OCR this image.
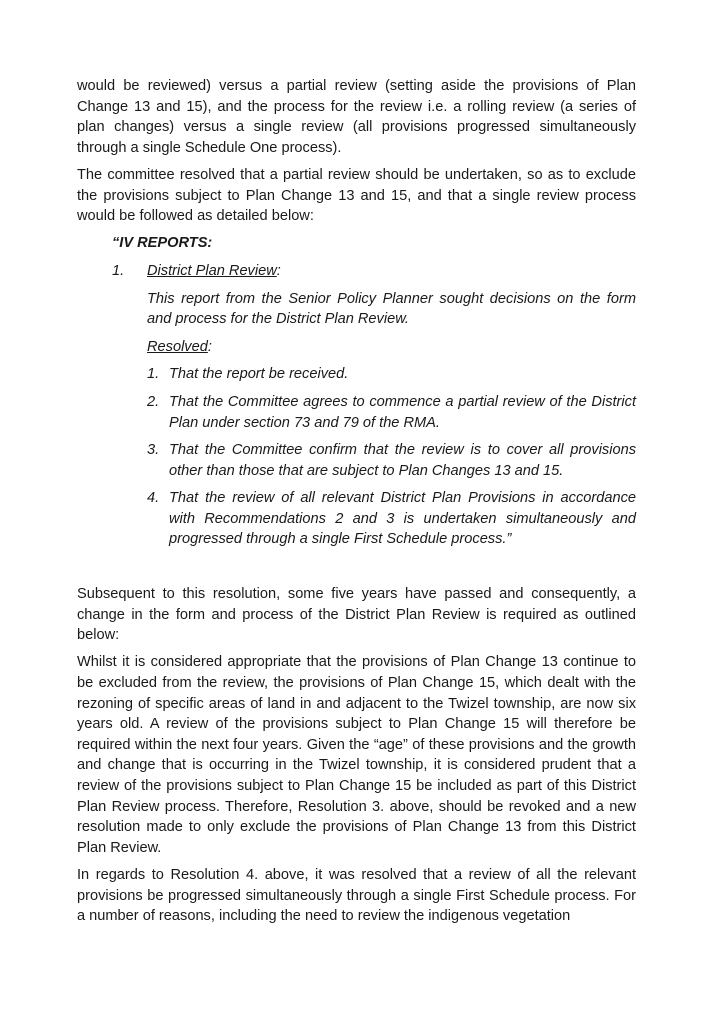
would be reviewed) versus a partial review (setting aside the provisions of Plan Change 13 and 15), and the process for the review i.e. a rolling review (a series of plan changes) versus a single review (all provisions progressed simultaneously through a single Schedule One process).

The committee resolved that a partial review should be undertaken, so as to exclude the provisions subject to Plan Change 13 and 15, and that a single review process would be followed as detailed below:

“IV REPORTS:

1.	District Plan Review:

This report from the Senior Policy Planner sought decisions on the form and process for the District Plan Review.

Resolved:

1. That the report be received.
2. That the Committee agrees to commence a partial review of the District Plan under section 73 and 79 of the RMA.
3. That the Committee confirm that the review is to cover all provisions other than those that are subject to Plan Changes 13 and 15.
4. That the review of all relevant District Plan Provisions in accordance with Recommendations 2 and 3 is undertaken simultaneously and progressed through a single First Schedule process.”

Subsequent to this resolution, some five years have passed and consequently, a change in the form and process of the District Plan Review is required as outlined below:

Whilst it is considered appropriate that the provisions of Plan Change 13 continue to be excluded from the review, the provisions of Plan Change 15, which dealt with the rezoning of specific areas of land in and adjacent to the Twizel township, are now six years old. A review of the provisions subject to Plan Change 15 will therefore be required within the next four years. Given the “age” of these provisions and the growth and change that is occurring in the Twizel township, it is considered prudent that a review of the provisions subject to Plan Change 15 be included as part of this District Plan Review process. Therefore, Resolution 3. above, should be revoked and a new resolution made to only exclude the provisions of Plan Change 13 from this District Plan Review.

In regards to Resolution 4. above, it was resolved that a review of all the relevant provisions be progressed simultaneously through a single First Schedule process. For a number of reasons, including the need to review the indigenous vegetation
